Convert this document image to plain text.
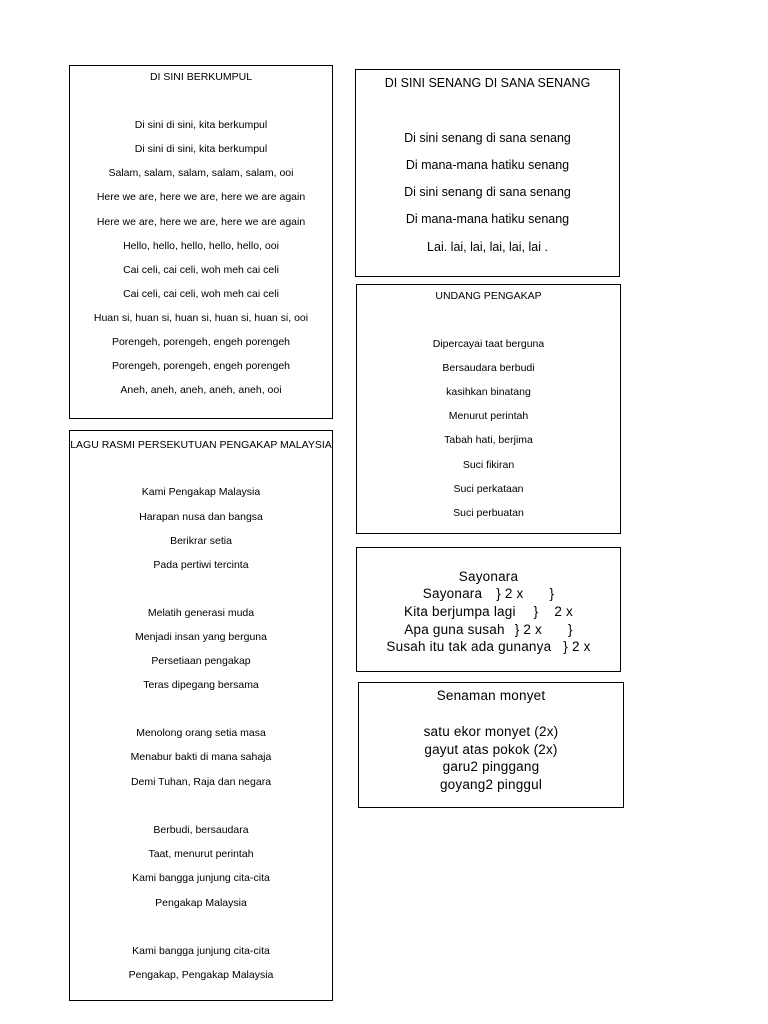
DI SINI BERKUMPUL
Di sini di sini, kita berkumpul
Di sini di sini, kita berkumpul
Salam, salam, salam, salam, salam, ooi
Here we are, here we are, here we are again
Here we are, here we are, here we are again
Hello, hello, hello, hello, hello, ooi
Cai celi, cai celi, woh meh cai celi
Cai celi, cai celi, woh meh cai celi
Huan si, huan si, huan si, huan si, huan si, ooi
Porengeh, porengeh, engeh porengeh
Porengeh, porengeh, engeh porengeh
Aneh, aneh, aneh, aneh, aneh, ooi
DI SINI SENANG DI SANA SENANG
Di sini senang di sana senang
Di mana-mana hatiku senang
Di sini senang di sana senang
Di mana-mana hatiku senang
Lai. lai, lai, lai, lai, lai .
UNDANG PENGAKAP
Dipercayai taat berguna
Bersaudara berbudi
kasihkan binatang
Menurut perintah
Tabah hati, berjima
Suci fikiran
Suci perkataan
Suci perbuatan
LAGU RASMI PERSEKUTUAN PENGAKAP MALAYSIA
Kami Pengakap Malaysia
Harapan nusa dan bangsa
Berikrar setia
Pada pertiwi tercinta
Melatih generasi muda
Menjadi insan yang berguna
Persetiaan pengakap
Teras dipegang bersama
Menolong orang setia masa
Menabur bakti di mana sahaja
Demi Tuhan, Raja dan negara
Berbudi, bersaudara
Taat, menurut perintah
Kami bangga junjung cita-cita
Pengakap Malaysia
Kami bangga junjung cita-cita
Pengakap, Pengakap Malaysia
Sayonara
Sayonara } 2 x }
Kita berjumpa lagi } 2 x
Apa guna susah } 2 x }
Susah itu tak ada gunanya } 2 x
Senaman monyet
satu ekor monyet (2x)
gayut atas pokok (2x)
garu2 pinggang
goyang2 pinggul
